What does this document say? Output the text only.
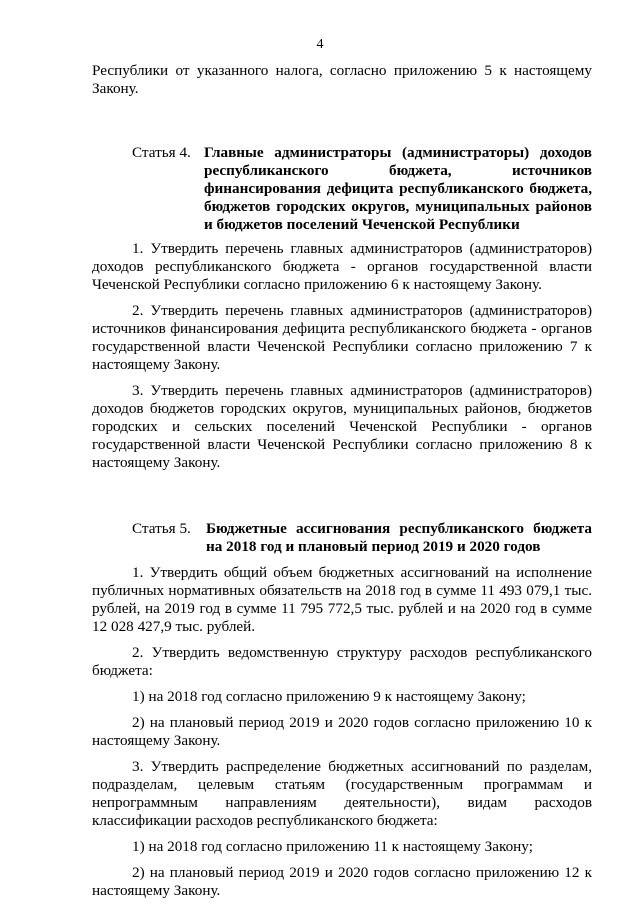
4

Республики от указанного налога, согласно приложению 5 к настоящему Закону.

Статья 4. Главные администраторы (администраторы) доходов республиканского бюджета, источников финансирования дефицита республиканского бюджета, бюджетов городских округов, муниципальных районов и бюджетов поселений Чеченской Республики

1. Утвердить перечень главных администраторов (администраторов) доходов республиканского бюджета - органов государственной власти Чеченской Республики согласно приложению 6 к настоящему Закону.

2. Утвердить перечень главных администраторов (администраторов) источников финансирования дефицита республиканского бюджета - органов государственной власти Чеченской Республики согласно приложению 7 к настоящему Закону.

3. Утвердить перечень главных администраторов (администраторов) доходов бюджетов городских округов, муниципальных районов, бюджетов городских и сельских поселений Чеченской Республики - органов государственной власти Чеченской Республики согласно приложению 8 к настоящему Закону.

Статья 5. Бюджетные ассигнования республиканского бюджета на 2018 год и плановый период 2019 и 2020 годов

1. Утвердить общий объем бюджетных ассигнований на исполнение публичных нормативных обязательств на 2018 год в сумме 11 493 079,1 тыс. рублей, на 2019 год в сумме 11 795 772,5 тыс. рублей и на 2020 год в сумме 12 028 427,9 тыс. рублей.

2. Утвердить ведомственную структуру расходов республиканского бюджета:

1) на 2018 год согласно приложению 9 к настоящему Закону;

2) на плановый период 2019 и 2020 годов согласно приложению 10 к настоящему Закону.

3. Утвердить распределение бюджетных ассигнований по разделам, подразделам, целевым статьям (государственным программам и непрограммным направлениям деятельности), видам расходов классификации расходов республиканского бюджета:

1) на 2018 год согласно приложению 11 к настоящему Закону;

2) на плановый период 2019 и 2020 годов согласно приложению 12 к настоящему Закону.
